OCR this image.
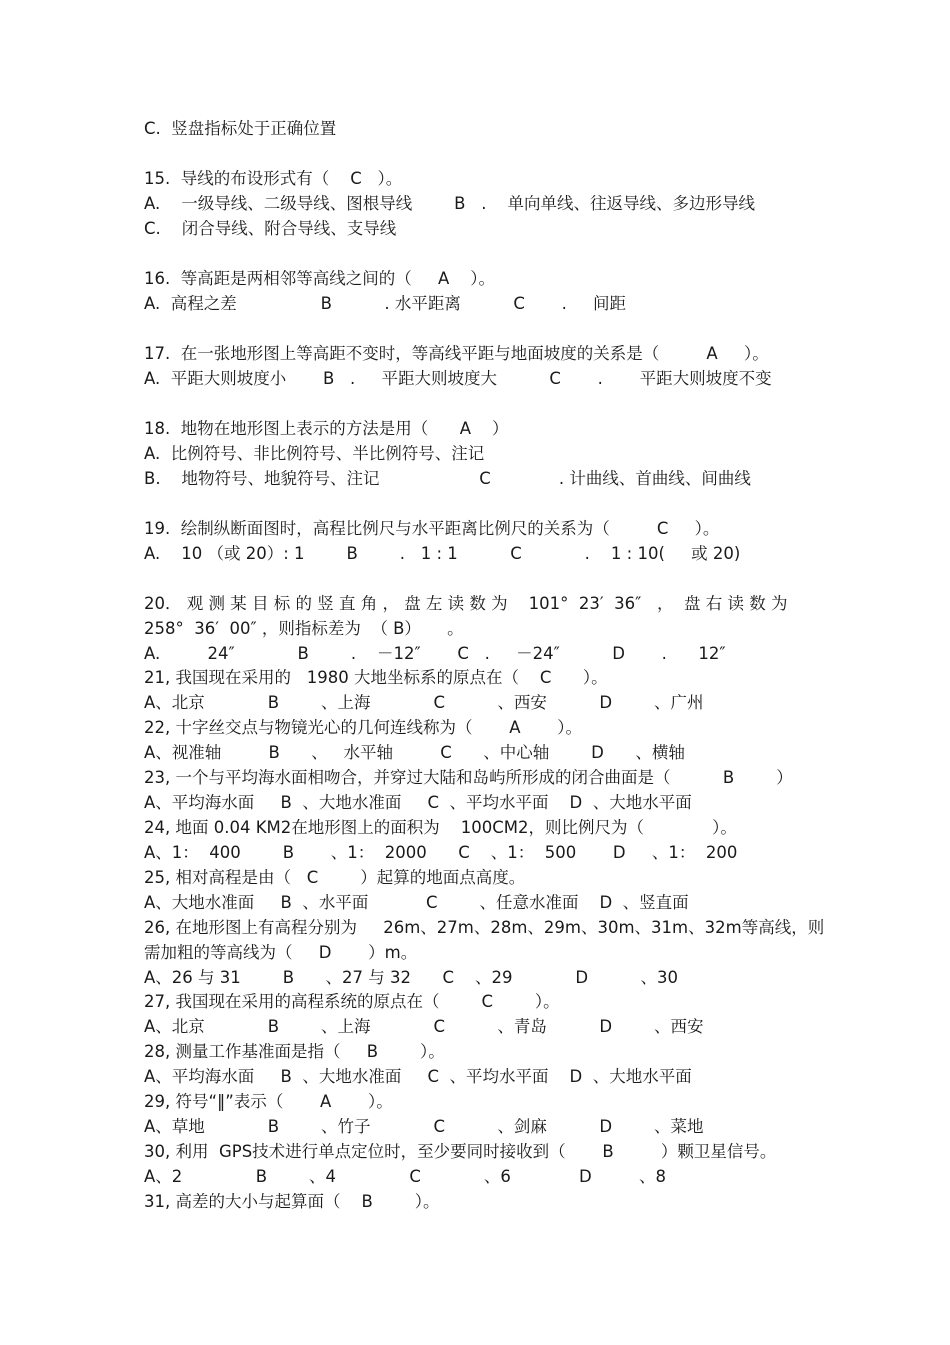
C.  竖盘指标处于正确位置
15.  导线的布设形式有（    C   ）。
A.    一级导线、二级导线、图根导线        B   .    单向单线、往返导线、多边形导线
C.    闭合导线、附合导线、支导线
16.  等高距是两相邻等高线之间的（     A    ）。
A.  高程之差                B          . 水平距离          C       .     间距
17.  在一张地形图上等高距不变时，等高线平距与地面坡度的关系是（         A     ）。
A.  平距大则坡度小       B   .     平距大则坡度大          C       .       平距大则坡度不变
18.  地物在地形图上表示的方法是用（      A    ）
A.  比例符号、非比例符号、半比例符号、注记
B.    地物符号、地貌符号、注记                   C             . 计曲线、首曲线、间曲线
19.  绘制纵断面图时，高程比例尺与水平距离比例尺的关系为（         C     ）。
A.    10 （或 20）: 1        B        .   1 : 1          C            .    1 : 10(     或 20)
20． 观 测 某 目 标 的 竖 直 角 ， 盘 左 读 数 为    101°  23′  36″   ，  盘 右 读 数 为
258°  36′  00″ ，则指标差为  （ B）     。
A.         24″            B        .    －12″       C   .     －24″          D       .      12″
21, 我国现在采用的   1980 大地坐标系的原点在（    C      ）。
A、北京            B        、上海            C          、西安          D        、广州
22, 十字丝交点与物镜光心的几何连线称为（       A       ）。
A、视准轴         B      、   水平轴         C      、中心轴        D      、横轴
23, 一个与平均海水面相吻合，并穿过大陆和岛屿所形成的闭合曲面是（          B        ）
A、平均海水面     B  、大地水准面     C  、平均水平面    D  、大地水平面
24, 地面 0.04 KM2在地形图上的面积为    100CM2，则比例尺为（             ）。
A、1：  400        B       、1：  2000      C    、1：  500       D     、1：  200
25, 相对高程是由（   C        ）起算的地面点高度。
A、大地水准面     B  、水平面           C        、任意水准面    D  、竖直面
26, 在地形图上有高程分别为     26m、27m、28m、29m、30m、31m、32m等高线，则
需加粗的等高线为（     D       ）m。
A、26 与 31        B      、27 与 32      C    、29            D          、30
27, 我国现在采用的高程系统的原点在（        C        ）。
A、北京            B        、上海            C          、青岛          D        、西安
28, 测量工作基准面是指（     B        ）。
A、平均海水面     B  、大地水准面     C  、平均水平面    D  、大地水平面
29, 符号“‖”表示（       A       ）。
A、草地            B        、竹子            C          、剑麻          D        、菜地
30, 利用  GPS技术进行单点定位时，至少要同时接收到（       B         ）颗卫星信号。
A、2              B        、4              C            、6             D         、8
31, 高差的大小与起算面（    B        ）。
